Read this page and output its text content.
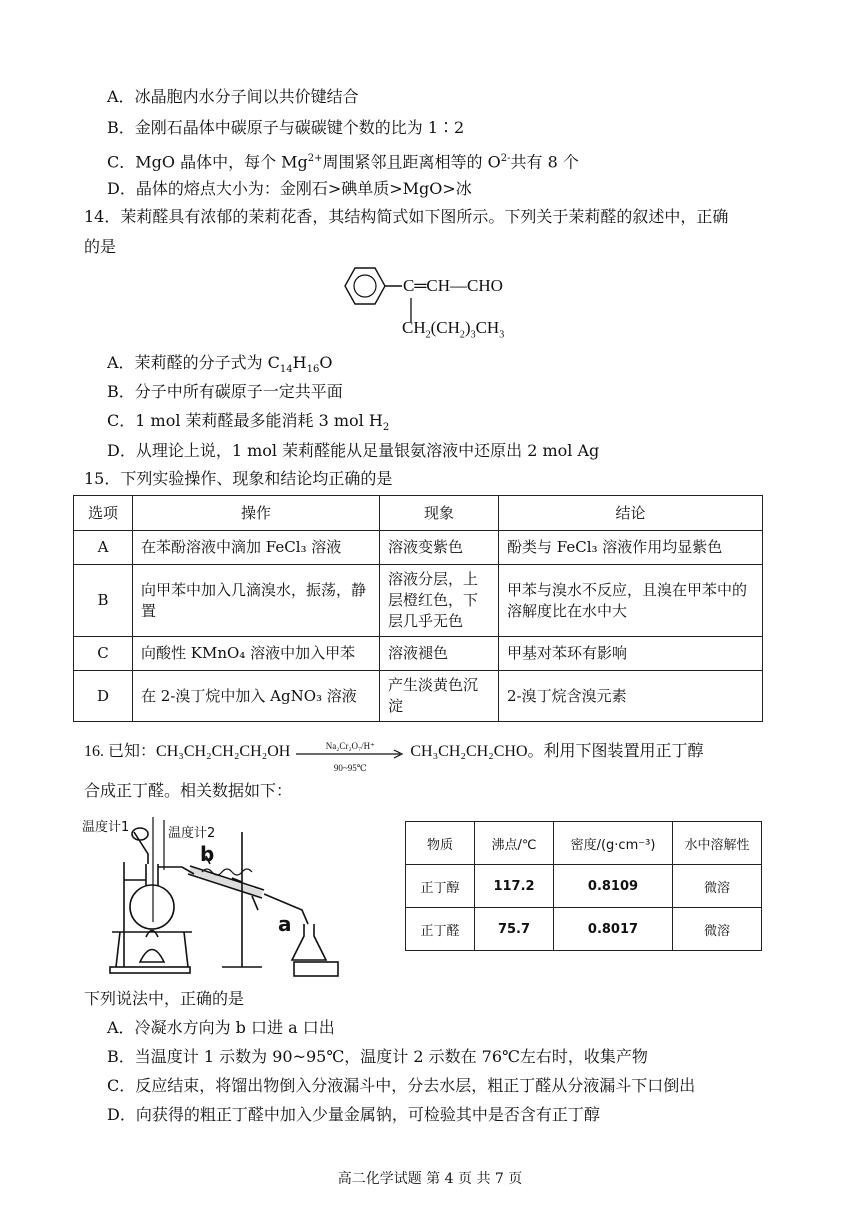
A．冰晶胞内水分子间以共价键结合
B．金刚石晶体中碳原子与碳碳键个数的比为 1∶2
C．MgO 晶体中，每个 $Mg^{2+}$周围紧邻且距离相等的 $O^{2-}$共有 8 个
D．晶体的熔点大小为：金刚石>碘单质>MgO>冰
14．茉莉醛具有浓郁的茉莉花香，其结构简式如下图所示。下列关于茉莉醛的叙述中，正确
的是
C═CH—CHO
$CH_2(CH_2)_3CH_3$
A．茉莉醛的分子式为 $C_{14}H_{16}O$
B．分子中所有碳原子一定共平面
C．1 mol 茉莉醛最多能消耗 3 mol $H_2$
D．从理论上说，1 mol 茉莉醛能从足量银氨溶液中还原出 2 mol Ag
15．下列实验操作、现象和结论均正确的是
选项	操作	现象	结论
A	在苯酚溶液中滴加 FeCl₃ 溶液	溶液变紫色	酚类与 FeCl₃ 溶液作用均显紫色
B	向甲苯中加入几滴溴水，振荡，静置	溶液分层，上层橙红色，下层几乎无色	甲苯与溴水不反应，且溴在甲苯中的溶解度比在水中大
C	向酸性 KMnO₄ 溶液中加入甲苯	溶液褪色	甲基对苯环有影响
D	在 2-溴丁烷中加入 AgNO₃ 溶液	产生淡黄色沉淀	2-溴丁烷含溴元素
16. 已知：CH₃CH₂CH₂CH₂OH	Na₂Cr₂O₇/H⁺
90~95℃
CH₃CH₂CH₂CHO。利用下图装置用正丁醇
合成正丁醛。相关数据如下：
温度计1	温度计2
b
a
物质	沸点/℃	密度/(g·cm⁻³)	水中溶解性
正丁醇	117.2	0.8109	微溶
正丁醛	75.7	0.8017	微溶
下列说法中，正确的是
A．冷凝水方向为 b 口进 a 口出
B．当温度计 1 示数为 90~95℃，温度计 2 示数在 76℃左右时，收集产物
C．反应结束，将馏出物倒入分液漏斗中，分去水层，粗正丁醛从分液漏斗下口倒出
D．向获得的粗正丁醛中加入少量金属钠，可检验其中是否含有正丁醇
高二化学试题 第 4 页 共 7 页
